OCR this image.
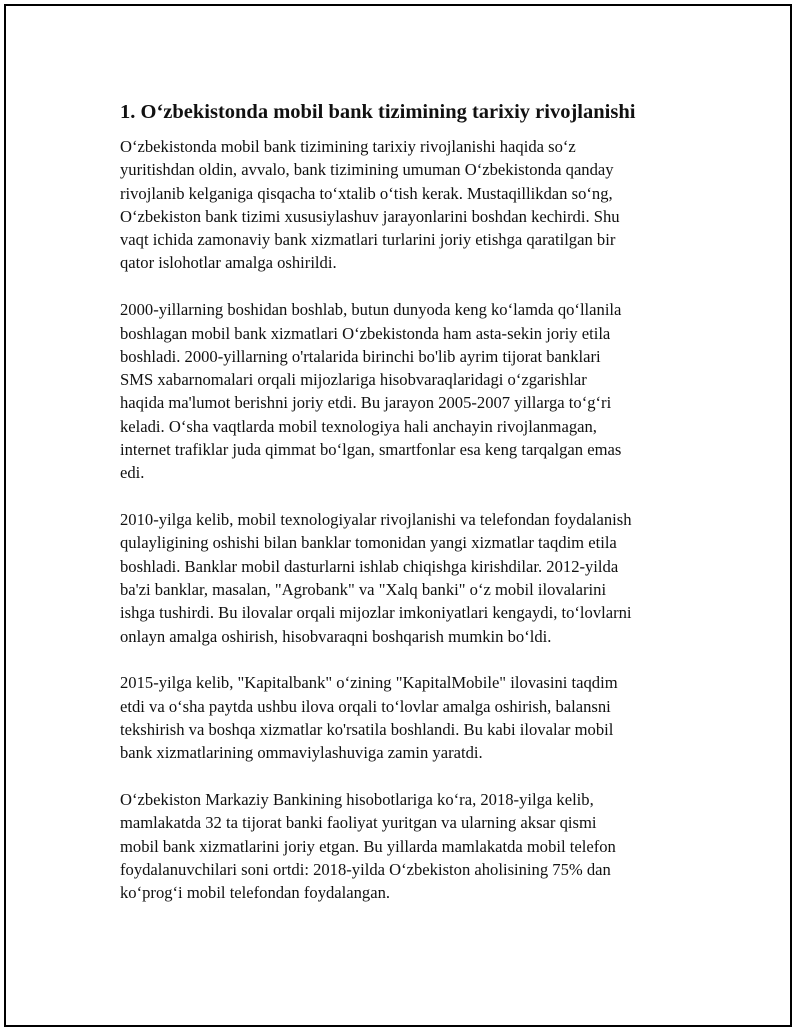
1. O‘zbekistonda mobil bank tizimining tarixiy rivojlanishi
O‘zbekistonda mobil bank tizimining tarixiy rivojlanishi haqida so‘z
yuritishdan oldin, avvalo, bank tizimining umuman O‘zbekistonda qanday
rivojlanib kelganiga qisqacha to‘xtalib o‘tish kerak. Mustaqillikdan so‘ng,
O‘zbekiston bank tizimi xususiylashuv jarayonlarini boshdan kechirdi. Shu
vaqt ichida zamonaviy bank xizmatlari turlarini joriy etishga qaratilgan bir
qator islohotlar amalga oshirildi.
2000-yillarning boshidan boshlab, butun dunyoda keng ko‘lamda qo‘llanila
boshlagan mobil bank xizmatlari O‘zbekistonda ham asta-sekin joriy etila
boshladi. 2000-yillarning o'rtalarida birinchi bo'lib ayrim tijorat banklari
SMS xabarnomalari orqali mijozlariga hisobvaraqlaridagi o‘zgarishlar
haqida ma'lumot berishni joriy etdi. Bu jarayon 2005-2007 yillarga to‘g‘ri
keladi. O‘sha vaqtlarda mobil texnologiya hali anchayin rivojlanmagan,
internet trafiklar juda qimmat bo‘lgan, smartfonlar esa keng tarqalgan emas
edi.
2010-yilga kelib, mobil texnologiyalar rivojlanishi va telefondan foydalanish
qulayligining oshishi bilan banklar tomonidan yangi xizmatlar taqdim etila
boshladi. Banklar mobil dasturlarni ishlab chiqishga kirishdilar. 2012-yilda
ba'zi banklar, masalan, "Agrobank" va "Xalq banki" o‘z mobil ilovalarini
ishga tushirdi. Bu ilovalar orqali mijozlar imkoniyatlari kengaydi, to‘lovlarni
onlayn amalga oshirish, hisobvaraqni boshqarish mumkin bo‘ldi.
2015-yilga kelib, "Kapitalbank" o‘zining "KapitalMobile" ilovasini taqdim
etdi va o‘sha paytda ushbu ilova orqali to‘lovlar amalga oshirish, balansni
tekshirish va boshqa xizmatlar ko'rsatila boshlandi. Bu kabi ilovalar mobil
bank xizmatlarining ommaviylashuviga zamin yaratdi.
O‘zbekiston Markaziy Bankining hisobotlariga ko‘ra, 2018-yilga kelib,
mamlakatda 32 ta tijorat banki faoliyat yuritgan va ularning aksar qismi
mobil bank xizmatlarini joriy etgan. Bu yillarda mamlakatda mobil telefon
foydalanuvchilari soni ortdi: 2018-yilda O‘zbekiston aholisining 75% dan
ko‘prog‘i mobil telefondan foydalangan.
